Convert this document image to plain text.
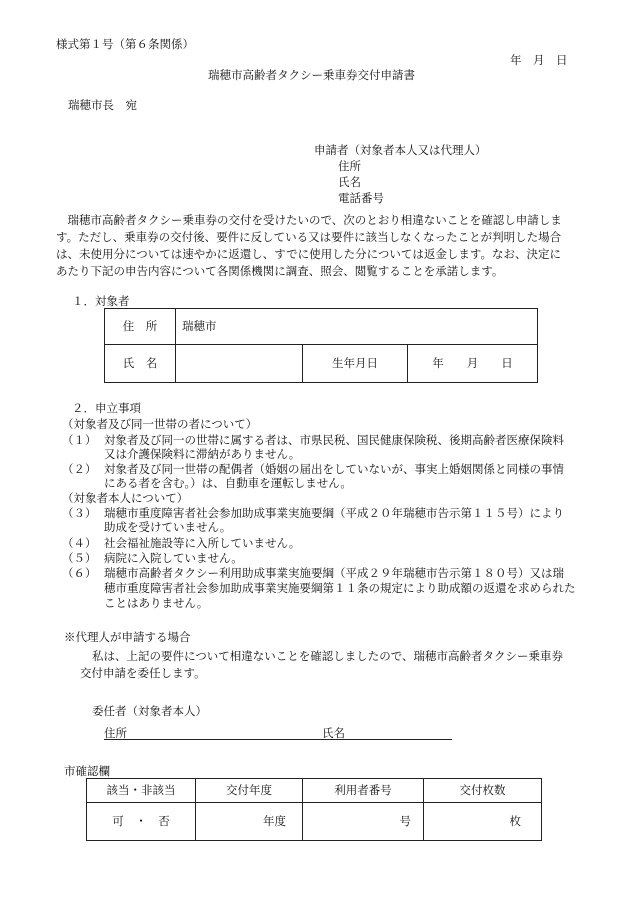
様式第１号（第６条関係）
年　月　日
瑞穂市高齢者タクシー乗車券交付申請書
瑞穂市長　宛
申請者（対象者本人又は代理人）
住所
氏名
電話番号
　瑞穂市高齢者タクシー乗車券の交付を受けたいので、次のとおり相違ないことを確認し申請しま
す。ただし、乗車券の交付後、要件に反している又は要件に該当しなくなったことが判明した場合
は、未使用分については速やかに返還し、すでに使用した分については返金します。なお、決定に
あたり下記の申告内容について各関係機関に調査、照会、閲覧することを承諾します。
１．対象者
住　所	瑞穂市		
氏　名		生年月日	年　　月　　日
２．申立事項
（対象者及び同一世帯の者について）
（１） 対象者及び同一の世帯に属する者は、市県民税、国民健康保険税、後期高齢者医療保険料
又は介護保険料に滞納がありません。
（２） 対象者及び同一世帯の配偶者（婚姻の届出をしていないが、事実上婚姻関係と同様の事情
にある者を含む。）は、自動車を運転しません。
（対象者本人について）
（３） 瑞穂市重度障害者社会参加助成事業実施要綱（平成２０年瑞穂市告示第１１５号）により
助成を受けていません。
（４） 社会福祉施設等に入所していません。
（５） 病院に入院していません。
（６） 瑞穂市高齢者タクシー利用助成事業実施要綱（平成２９年瑞穂市告示第１８０号）又は瑞
穂市重度障害者社会参加助成事業実施要綱第１１条の規定により助成額の返還を求められた
ことはありません。
※代理人が申請する場合
私は、上記の要件について相違ないことを確認しましたので、瑞穂市高齢者タクシー乗車券
交付申請を委任します。
委任者（対象者本人）
住所	氏名
市確認欄
該当・非該当	交付年度	利用者番号	交付枚数
可　・　否	年度	号	枚
